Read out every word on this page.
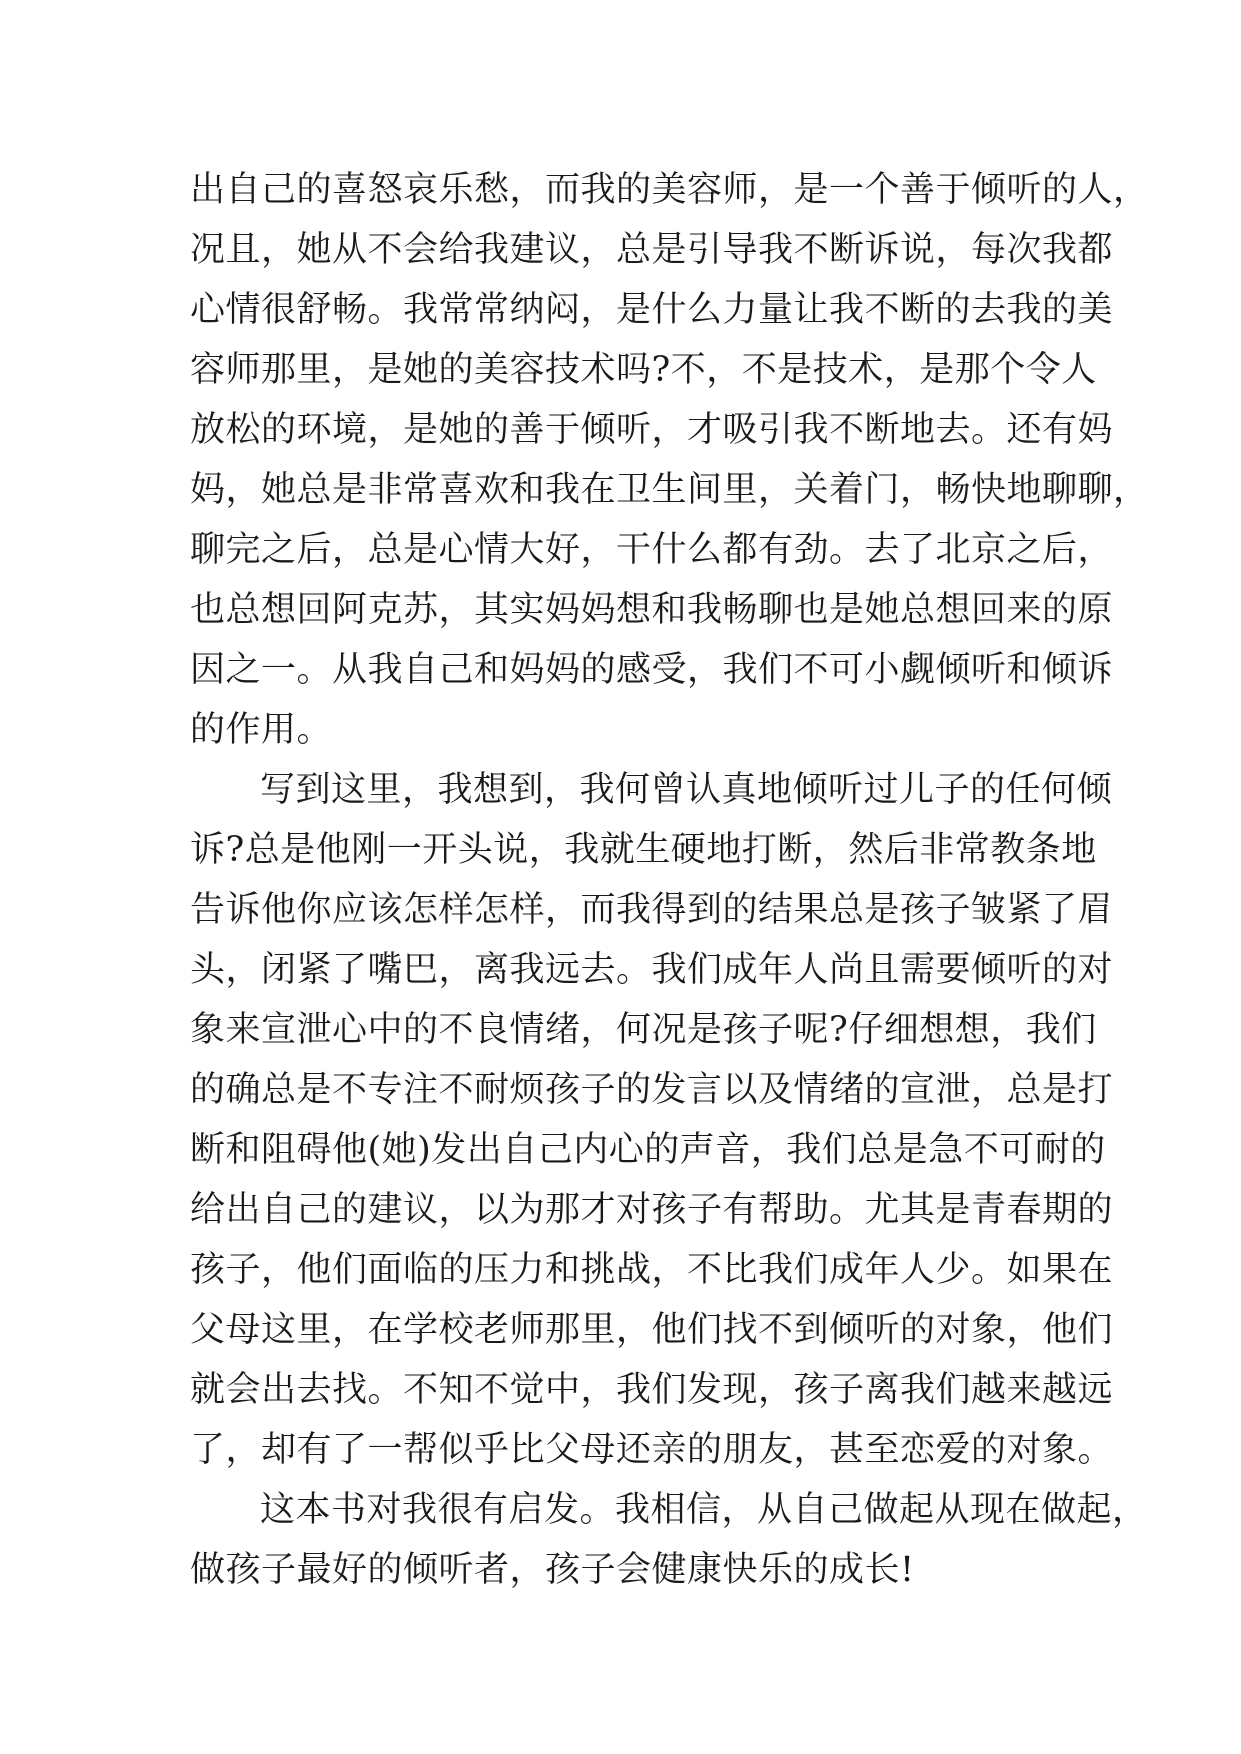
出自己的喜怒哀乐愁，而我的美容师，是一个善于倾听的人，
况且，她从不会给我建议，总是引导我不断诉说，每次我都
心情很舒畅。我常常纳闷，是什么力量让我不断的去我的美
容师那里，是她的美容技术吗?不，不是技术，是那个令人
放松的环境，是她的善于倾听，才吸引我不断地去。还有妈
妈，她总是非常喜欢和我在卫生间里，关着门，畅快地聊聊，
聊完之后，总是心情大好，干什么都有劲。去了北京之后，
也总想回阿克苏，其实妈妈想和我畅聊也是她总想回来的原
因之一。从我自己和妈妈的感受，我们不可小觑倾听和倾诉
的作用。
写到这里，我想到，我何曾认真地倾听过儿子的任何倾
诉?总是他刚一开头说，我就生硬地打断，然后非常教条地
告诉他你应该怎样怎样，而我得到的结果总是孩子皱紧了眉
头，闭紧了嘴巴，离我远去。我们成年人尚且需要倾听的对
象来宣泄心中的不良情绪，何况是孩子呢?仔细想想，我们
的确总是不专注不耐烦孩子的发言以及情绪的宣泄，总是打
断和阻碍他(她)发出自己内心的声音，我们总是急不可耐的
给出自己的建议，以为那才对孩子有帮助。尤其是青春期的
孩子，他们面临的压力和挑战，不比我们成年人少。如果在
父母这里，在学校老师那里，他们找不到倾听的对象，他们
就会出去找。不知不觉中，我们发现，孩子离我们越来越远
了，却有了一帮似乎比父母还亲的朋友，甚至恋爱的对象。
这本书对我很有启发。我相信，从自己做起从现在做起，
做孩子最好的倾听者，孩子会健康快乐的成长!
